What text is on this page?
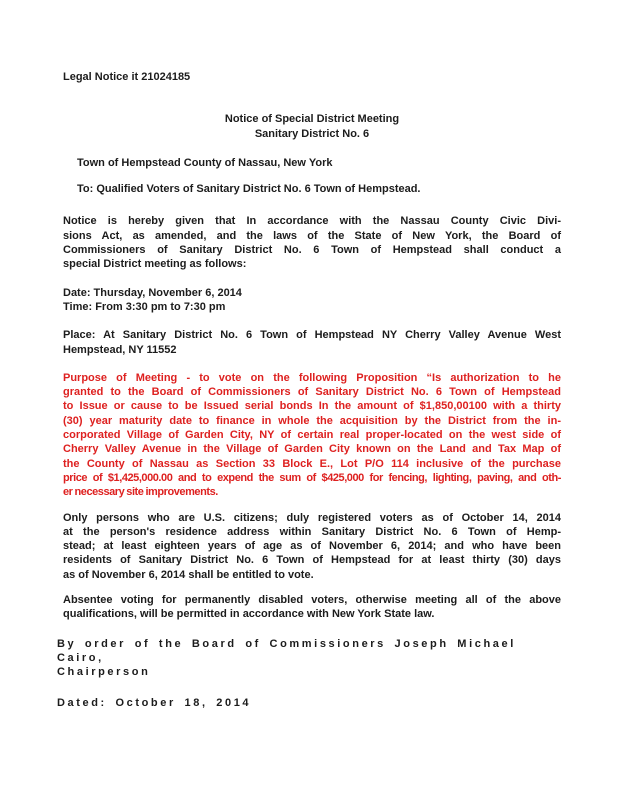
Legal Notice it 21024185
Notice of Special District Meeting
Sanitary District No. 6
Town of Hempstead County of Nassau, New York
To: Qualified Voters of Sanitary District No. 6 Town of Hempstead.
Notice is hereby given that In accordance with the Nassau County Civic Divi-
sions Act, as amended, and the laws of the State of New York, the Board of
Commissioners of Sanitary District No. 6 Town of Hempstead shall conduct a
special District meeting as follows:
Date: Thursday, November 6, 2014
Time: From 3:30 pm to 7:30 pm
Place: At Sanitary District No. 6 Town of Hempstead NY Cherry Valley Avenue West
Hempstead, NY 11552
Purpose of Meeting - to vote on the following Proposition “Is authorization to he
granted to the Board of Commissioners of Sanitary District No. 6 Town of Hempstead
to Issue or cause to be Issued serial bonds In the amount of $1,850,00100 with a thirty
(30) year maturity date to finance in whole the acquisition by the District from the in-
corporated Village of Garden City, NY of certain real proper-located on the west side of
Cherry Valley Avenue in the Village of Garden City known on the Land and Tax Map of
the County of Nassau as Section 33 Block E., Lot P/O 114 inclusive of the purchase
price of $1,425,000.00 and to expend the sum of $425,000 for fencing, lighting, paving, and oth-
er necessary site improvements.
Only persons who are U.S. citizens; duly registered voters as of October 14, 2014
at the person's residence address within Sanitary District No. 6 Town of Hemp-
stead; at least eighteen years of age as of November 6, 2014; and who have been
residents of Sanitary District No. 6 Town of Hempstead for at least thirty (30) days
as of November 6, 2014 shall be entitled to vote.
Absentee voting for permanently disabled voters, otherwise meeting all of the above
qualifications, will be permitted in accordance with New York State law.
By order of the Board of Commissioners Joseph Michael Cairo,
Chairperson
Dated: October 18, 2014
